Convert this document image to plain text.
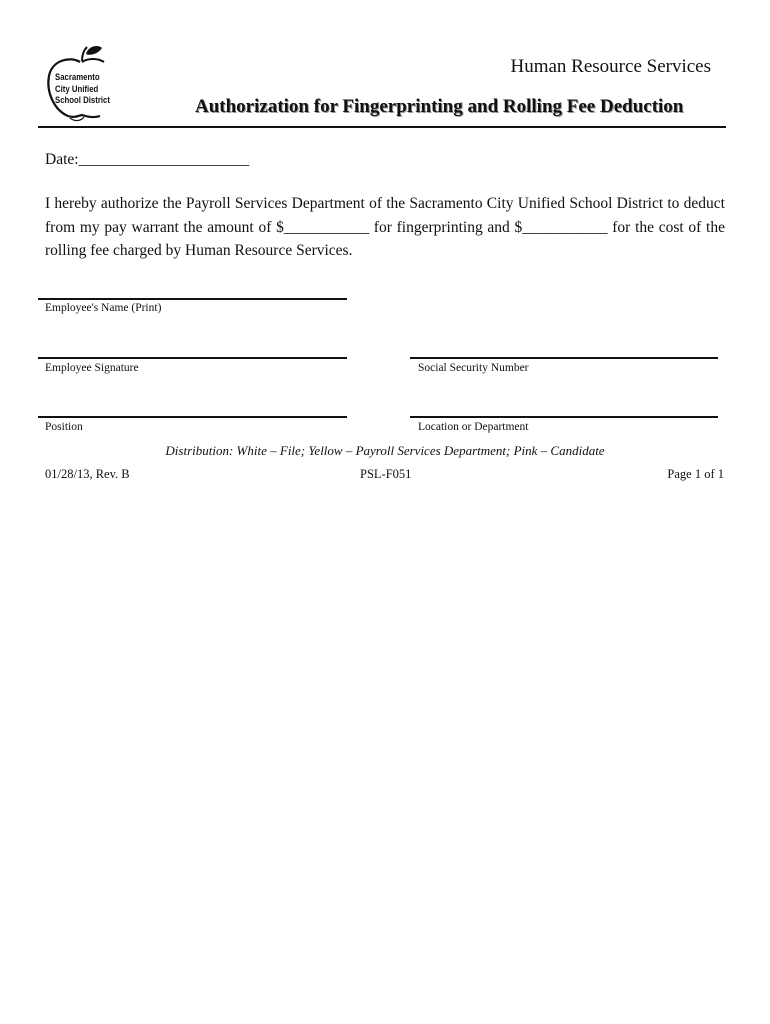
Sacramento
City Unified
School District
Human Resource Services
Authorization for Fingerprinting and Rolling Fee Deduction
Date:______________________
I hereby authorize the Payroll Services Department of the Sacramento City Unified School District to deduct from my pay warrant the amount of $___________ for fingerprinting and $___________ for the cost of the rolling fee charged by Human Resource Services.
Employee's Name (Print)
Employee Signature	Social Security Number
Position	Location or Department
Distribution: White – File; Yellow – Payroll Services Department; Pink – Candidate
01/28/13, Rev. B	PSL-F051	Page 1 of 1
